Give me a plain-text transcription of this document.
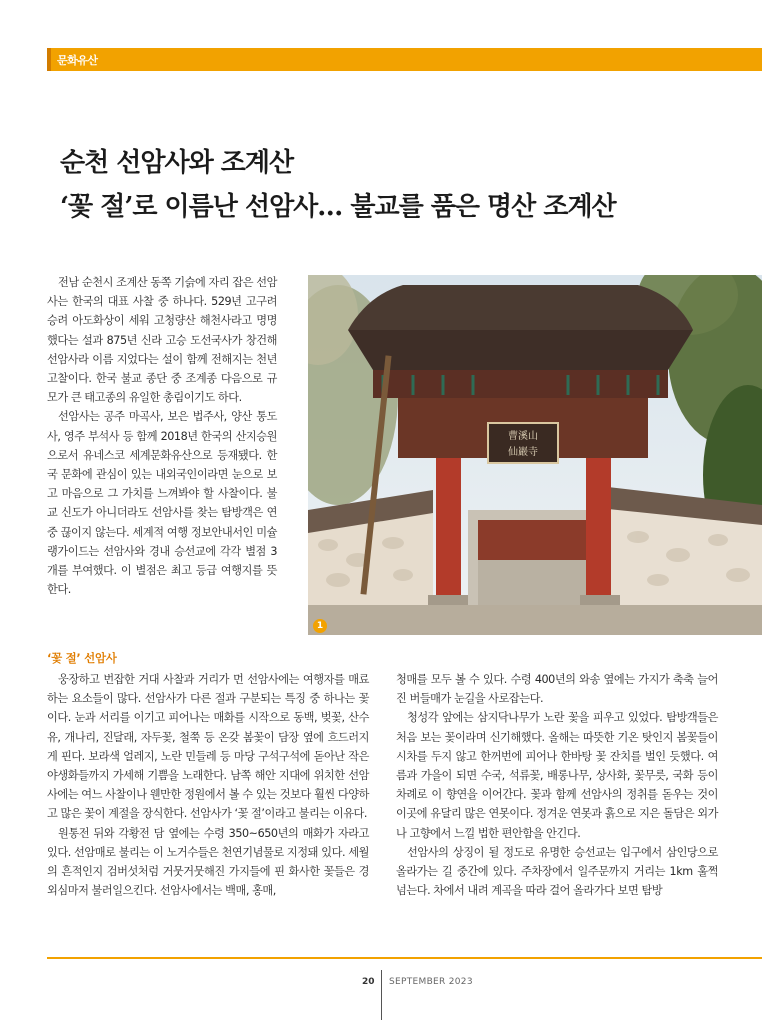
문화유산
순천 선암사와 조계산
‘꽃 절’로 이름난 선암사… 불교를 품은 명산 조계산

전남 순천시 조계산 동쪽 기슭에 자리 잡은 선암사는 한국의 대표 사찰 중 하나다. 529년 고구려 승려 아도화상이 세워 고청량산 해천사라고 명명했다는 설과 875년 신라 고승 도선국사가 창건해 선암사라 이름 지었다는 설이 함께 전해지는 천년고찰이다. 한국 불교 종단 중 조계종 다음으로 규모가 큰 태고종의 유일한 총림이기도 하다.

선암사는 공주 마곡사, 보은 법주사, 양산 통도사, 영주 부석사 등 함께 2018년 한국의 산지승원으로서 유네스코 세계문화유산으로 등재됐다. 한국 문화에 관심이 있는 내외국인이라면 눈으로 보고 마음으로 그 가치를 느껴봐야 할 사찰이다. 불교 신도가 아니더라도 선암사를 찾는 탐방객은 연중 끊이지 않는다. 세계적 여행 정보안내서인 미슐랭가이드는 선암사와 경내 승선교에 각각 별점 3개를 부여했다. 이 별점은 최고 등급 여행지를 뜻한다.

曹溪山
仙巖寺
1
‘꽃 절’ 선암사

웅장하고 번잡한 거대 사찰과 거리가 먼 선암사에는 여행자를 매료하는 요소들이 많다. 선암사가 다른 절과 구분되는 특징 중 하나는 꽃이다. 눈과 서리를 이기고 피어나는 매화를 시작으로 동백, 벚꽃, 산수유, 개나리, 진달래, 자두꽃, 철쭉 등 온갖 봄꽃이 담장 옆에 흐드러지게 핀다. 보라색 얼레지, 노란 민들레 등 마당 구석구석에 돋아난 작은 야생화들까지 가세해 기쁨을 노래한다. 남쪽 해안 지대에 위치한 선암사에는 여느 사찰이나 웬만한 정원에서 볼 수 있는 것보다 훨씬 다양하고 많은 꽃이 계절을 장식한다. 선암사가 ‘꽃 절’이라고 불리는 이유다.

원통전 뒤와 각황전 담 옆에는 수령 350~650년의 매화가 자라고 있다. 선암매로 불리는 이 노거수들은 천연기념물로 지정돼 있다. 세월의 흔적인지 검버섯처럼 거뭇거뭇해진 가지들에 핀 화사한 꽃들은 경외심마저 불러일으킨다. 선암사에서는 백매, 홍매,

청매를 모두 볼 수 있다. 수령 400년의 와송 옆에는 가지가 축축 늘어진 버들매가 눈길을 사로잡는다.

청성각 앞에는 삼지닥나무가 노란 꽃을 피우고 있었다. 탐방객들은 처음 보는 꽃이라며 신기해했다. 올해는 따뜻한 기온 탓인지 봄꽃들이 시차를 두지 않고 한꺼번에 피어나 한바탕 꽃 잔치를 벌인 듯했다. 여름과 가을이 되면 수국, 석류꽃, 배롱나무, 상사화, 꽃무릇, 국화 등이 차례로 이 향연을 이어간다. 꽃과 함께 선암사의 정취를 돋우는 것이 이곳에 유달리 많은 연못이다. 정겨운 연못과 흙으로 지은 돌담은 외가나 고향에서 느낄 법한 편안함을 안긴다.

선암사의 상징이 될 정도로 유명한 승선교는 입구에서 삼인당으로 올라가는 길 중간에 있다. 주차장에서 일주문까지 거리는 1km 훌쩍 넘는다. 차에서 내려 계곡을 따라 걸어 올라가다 보면 탐방

20 SEPTEMBER 2023
